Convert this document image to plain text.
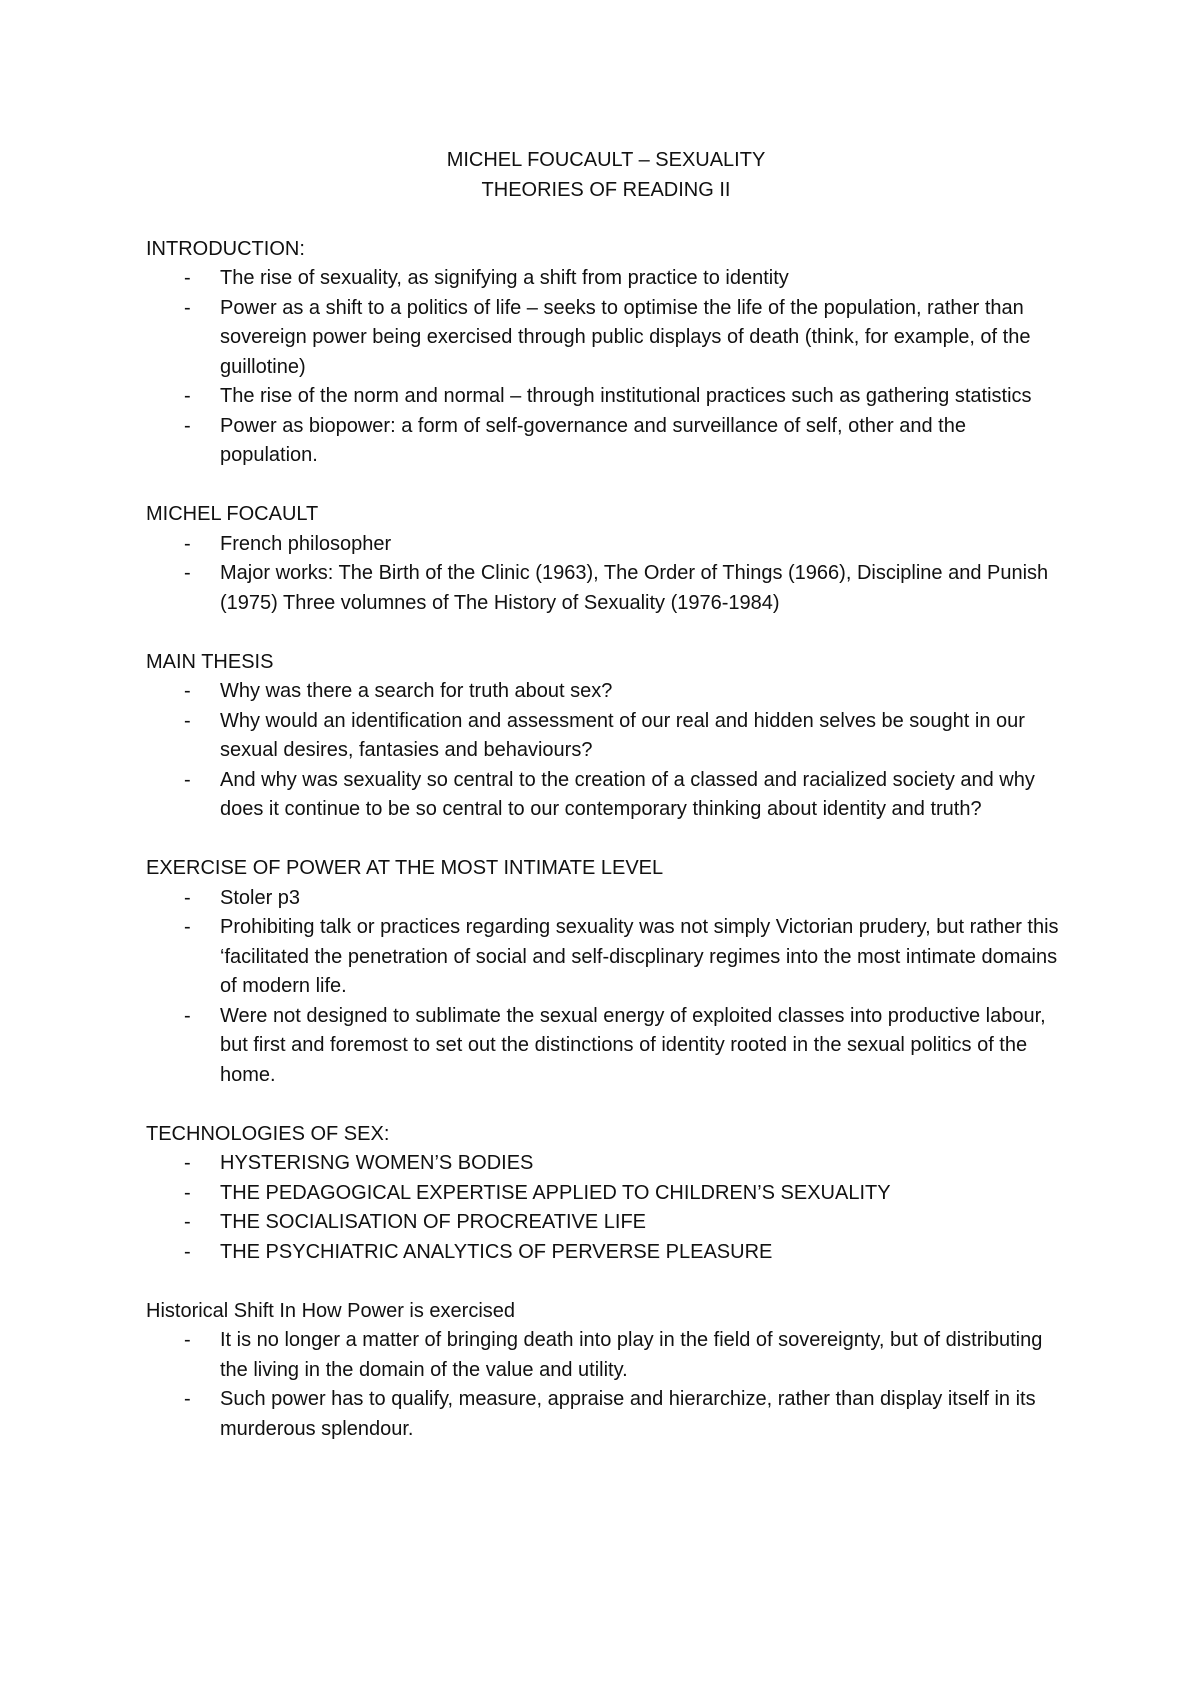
MICHEL FOUCAULT – SEXUALITY
THEORIES OF READING II
INTRODUCTION:
- The rise of sexuality, as signifying a shift from practice to identity
- Power as a shift to a politics of life – seeks to optimise the life of the population, rather than sovereign power being exercised through public displays of death (think, for example, of the guillotine)
- The rise of the norm and normal – through institutional practices such as gathering statistics
- Power as biopower: a form of self-governance and surveillance of self, other and the population.
MICHEL FOCAULT
- French philosopher
- Major works: The Birth of the Clinic (1963), The Order of Things (1966), Discipline and Punish (1975) Three volumnes of The History of Sexuality (1976-1984)
MAIN THESIS
- Why was there a search for truth about sex?
- Why would an identification and assessment of our real and hidden selves be sought in our sexual desires, fantasies and behaviours?
- And why was sexuality so central to the creation of a classed and racialized society and why does it continue to be so central to our contemporary thinking about identity and truth?
EXERCISE OF POWER AT THE MOST INTIMATE LEVEL
- Stoler p3
- Prohibiting talk or practices regarding sexuality was not simply Victorian prudery, but rather this ‘facilitated the penetration of social and self-discplinary regimes into the most intimate domains of modern life.
- Were not designed to sublimate the sexual energy of exploited classes into productive labour, but first and foremost to set out the distinctions of identity rooted in the sexual politics of the home.
TECHNOLOGIES OF SEX:
- HYSTERISNG WOMEN’S BODIES
- THE PEDAGOGICAL EXPERTISE APPLIED TO CHILDREN’S SEXUALITY
- THE SOCIALISATION OF PROCREATIVE LIFE
- THE PSYCHIATRIC ANALYTICS OF PERVERSE PLEASURE
Historical Shift In How Power is exercised
- It is no longer a matter of bringing death into play in the field of sovereignty, but of distributing the living in the domain of the value and utility.
- Such power has to qualify, measure, appraise and hierarchize, rather than display itself in its murderous splendour.
